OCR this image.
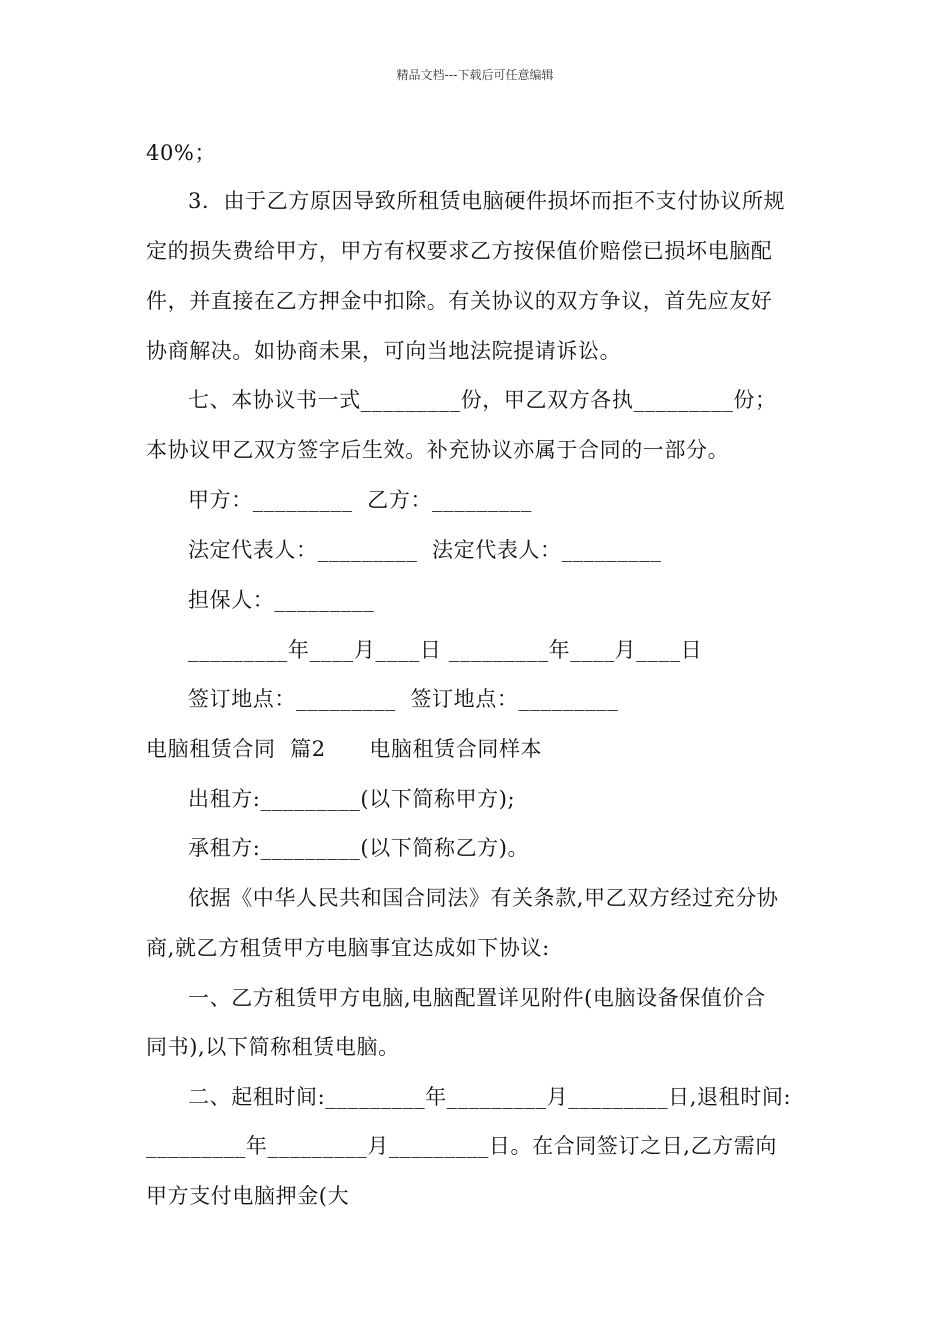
精品文档---下载后可任意编辑
40%；
3．由于乙方原因导致所租赁电脑硬件损坏而拒不支付协议所规
定的损失费给甲方，甲方有权要求乙方按保值价赔偿已损坏电脑配
件，并直接在乙方押金中扣除。有关协议的双方争议，首先应友好
协商解决。如协商未果，可向当地法院提请诉讼。
七、本协议书一式_________份，甲乙双方各执_________份；
本协议甲乙双方签字后生效。补充协议亦属于合同的一部分。
甲方：_________  乙方：_________
法定代表人：_________  法定代表人：_________
担保人：_________
_________年____月____日 _________年____月____日
签订地点：_________  签订地点：_________
电脑租赁合同  篇2      电脑租赁合同样本
出租方:_________(以下简称甲方);
承租方:_________(以下简称乙方)。
依据《中华人民共和国合同法》有关条款,甲乙双方经过充分协
商,就乙方租赁甲方电脑事宜达成如下协议:
一、乙方租赁甲方电脑,电脑配置详见附件(电脑设备保值价合
同书),以下简称租赁电脑。
二、起租时间:_________年_________月_________日,退租时间:
_________年_________月_________日。在合同签订之日,乙方需向
甲方支付电脑押金(大
